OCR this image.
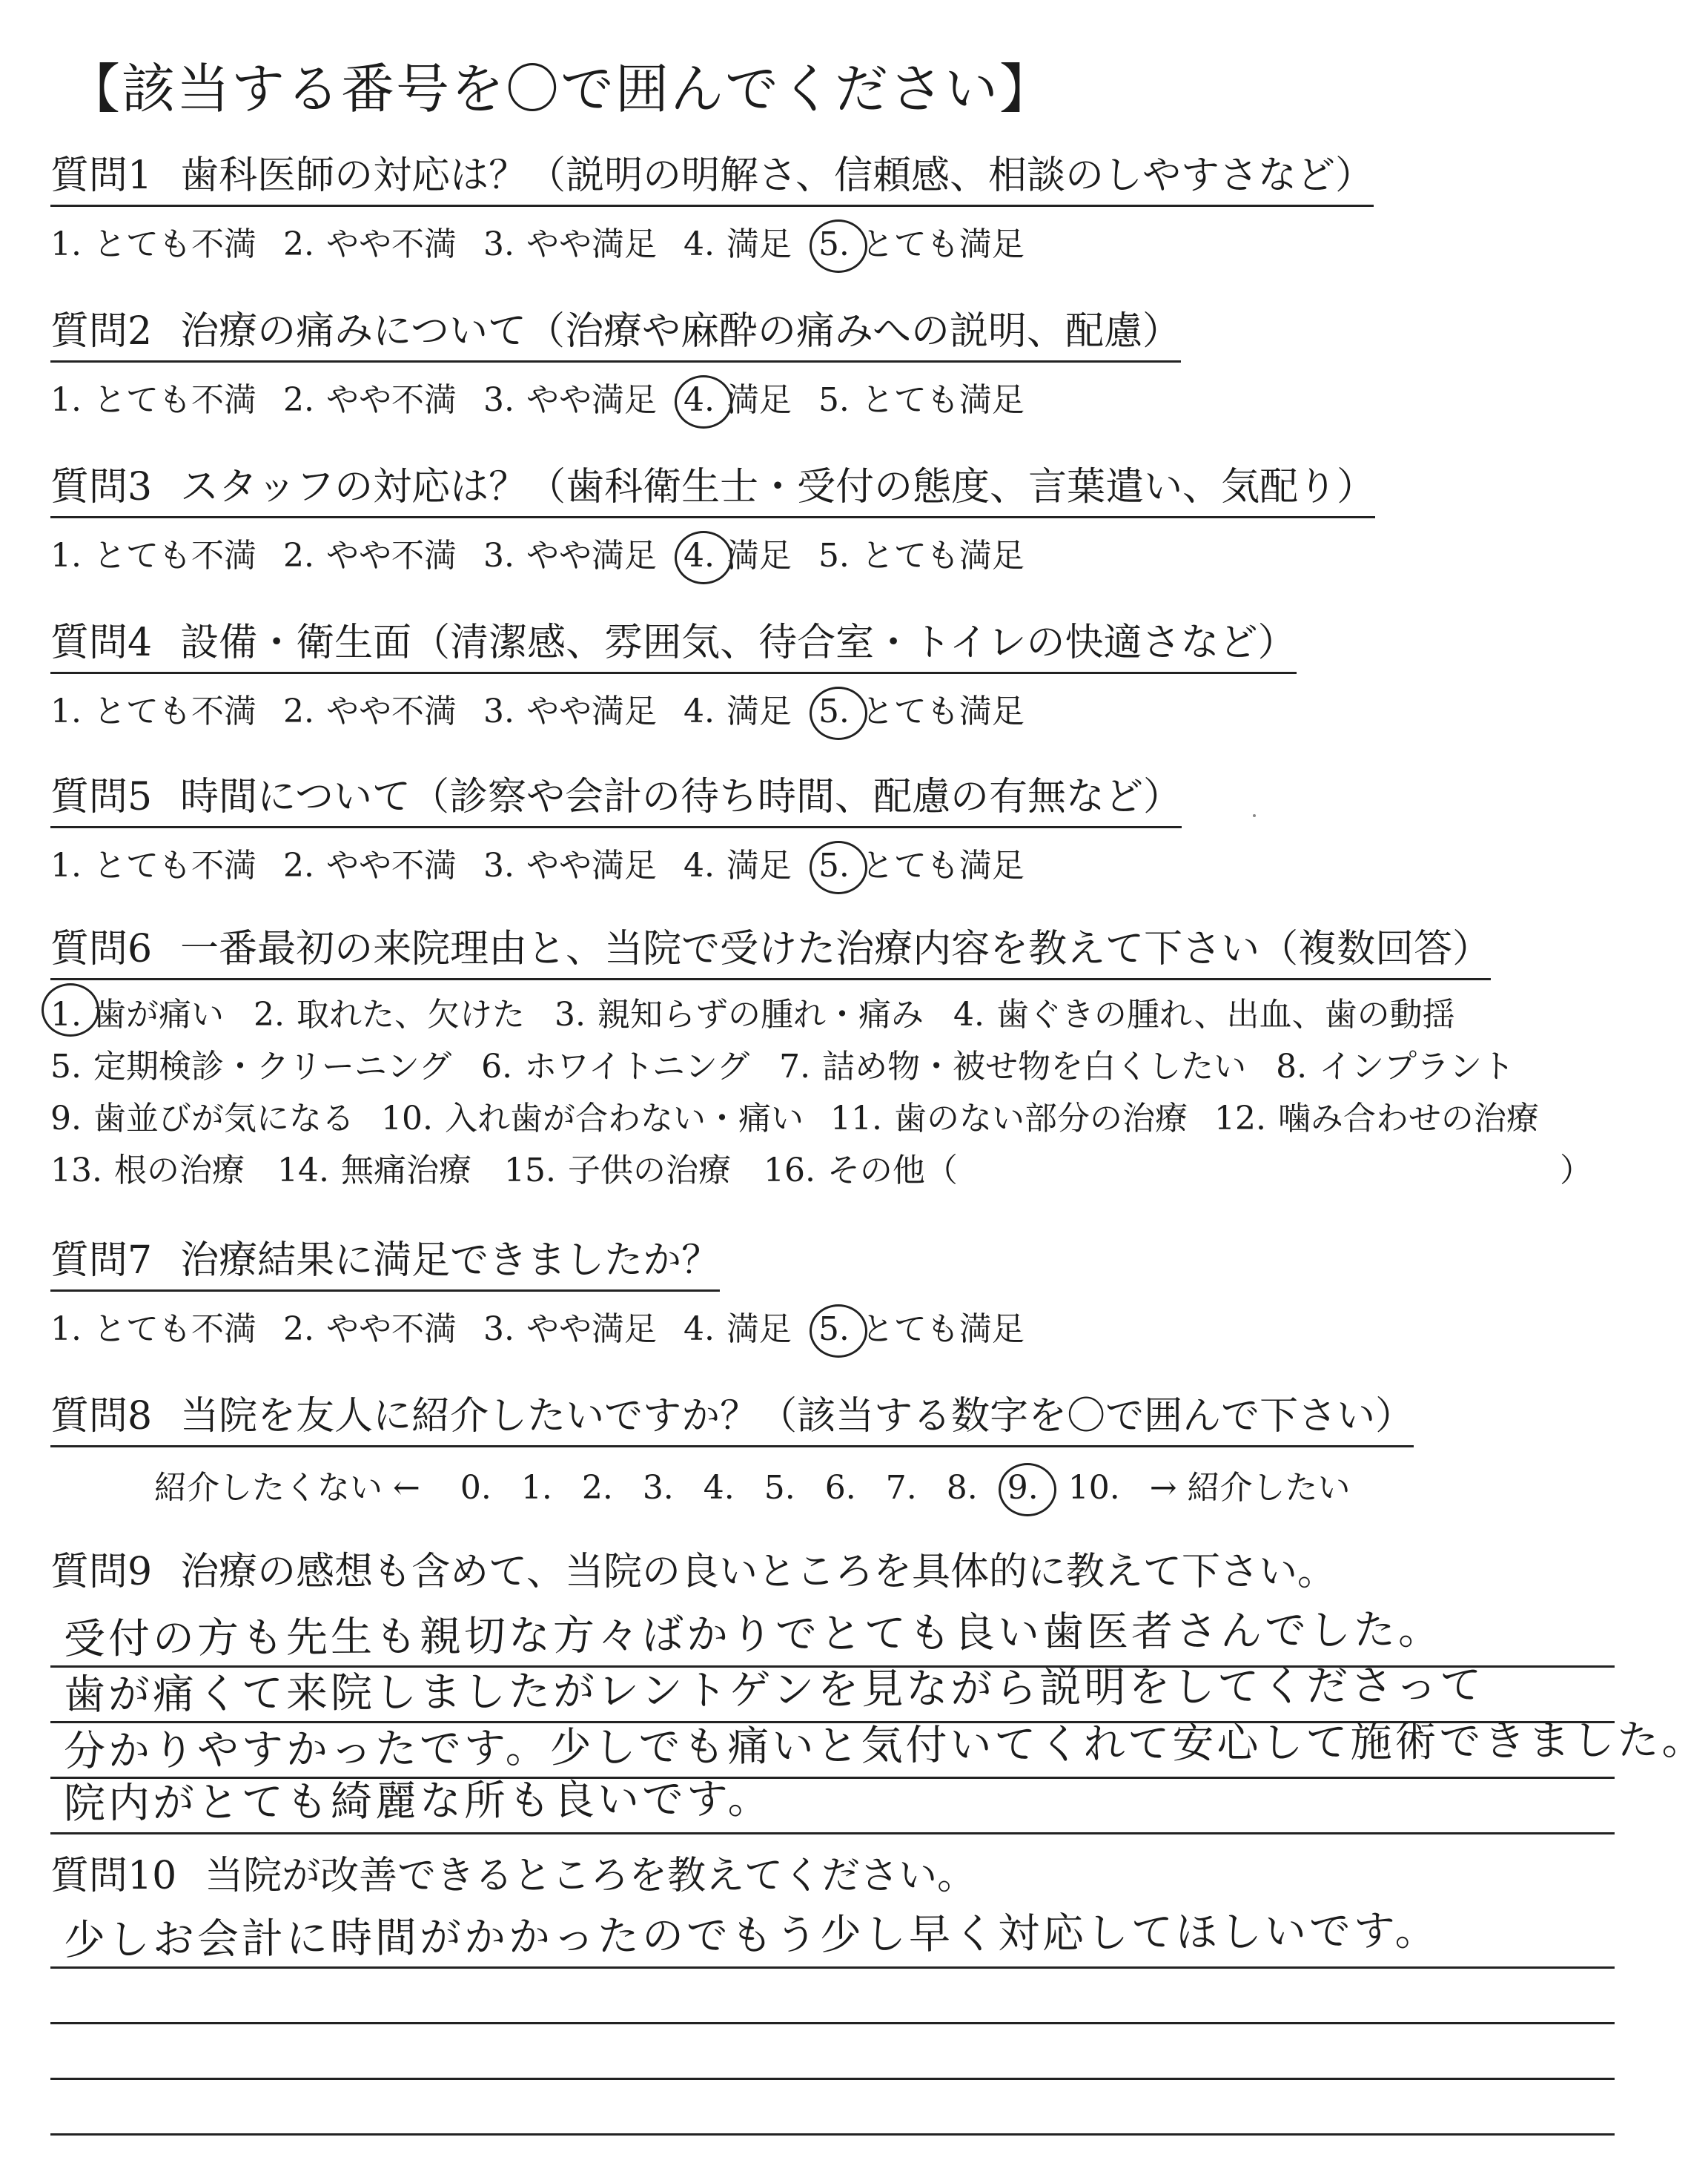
【該当する番号を〇で囲んでください】
質問1 歯科医師の対応は？（説明の明解さ、信頼感、相談のしやすさなど）
1. とても不満 2. やや不満 3. やや満足 4. 満足 5. とても満足
質問2 治療の痛みについて（治療や麻酔の痛みへの説明、配慮）
1. とても不満 2. やや不満 3. やや満足 4. 満足 5. とても満足
質問3 スタッフの対応は？（歯科衛生士・受付の態度、言葉遣い、気配り）
1. とても不満 2. やや不満 3. やや満足 4. 満足 5. とても満足
質問4 設備・衛生面（清潔感、雰囲気、待合室・トイレの快適さなど）
1. とても不満 2. やや不満 3. やや満足 4. 満足 5. とても満足
質問5 時間について（診察や会計の待ち時間、配慮の有無など）
1. とても不満 2. やや不満 3. やや満足 4. 満足 5. とても満足
質問6 一番最初の来院理由と、当院で受けた治療内容を教えて下さい（複数回答）
1. 歯が痛い 2. 取れた、欠けた 3. 親知らずの腫れ・痛み 4. 歯ぐきの腫れ、出血、歯の動揺
5. 定期検診・クリーニング 6. ホワイトニング 7. 詰め物・被せ物を白くしたい 8. インプラント
9. 歯並びが気になる 10. 入れ歯が合わない・痛い 11. 歯のない部分の治療 12. 噛み合わせの治療
13. 根の治療 14. 無痛治療 15. 子供の治療 16. その他（	）
質問7 治療結果に満足できましたか？
1. とても不満 2. やや不満 3. やや満足 4. 満足 5. とても満足
質問8 当院を友人に紹介したいですか？（該当する数字を〇で囲んで下さい）
紹介したくない ← 0. 1. 2. 3. 4. 5. 6. 7. 8. 9. 10. → 紹介したい
質問9 治療の感想も含めて、当院の良いところを具体的に教えて下さい。
受付の方も先生も親切な方々ばかりでとても良い歯医者さんでした。
歯が痛くて来院しましたがレントゲンを見ながら説明をしてくださって
分かりやすかったです。少しでも痛いと気付いてくれて安心して施術できました。
院内がとても綺麗な所も良いです。
質問10 当院が改善できるところを教えてください。
少しお会計に時間がかかったのでもう少し早く対応してほしいです。
